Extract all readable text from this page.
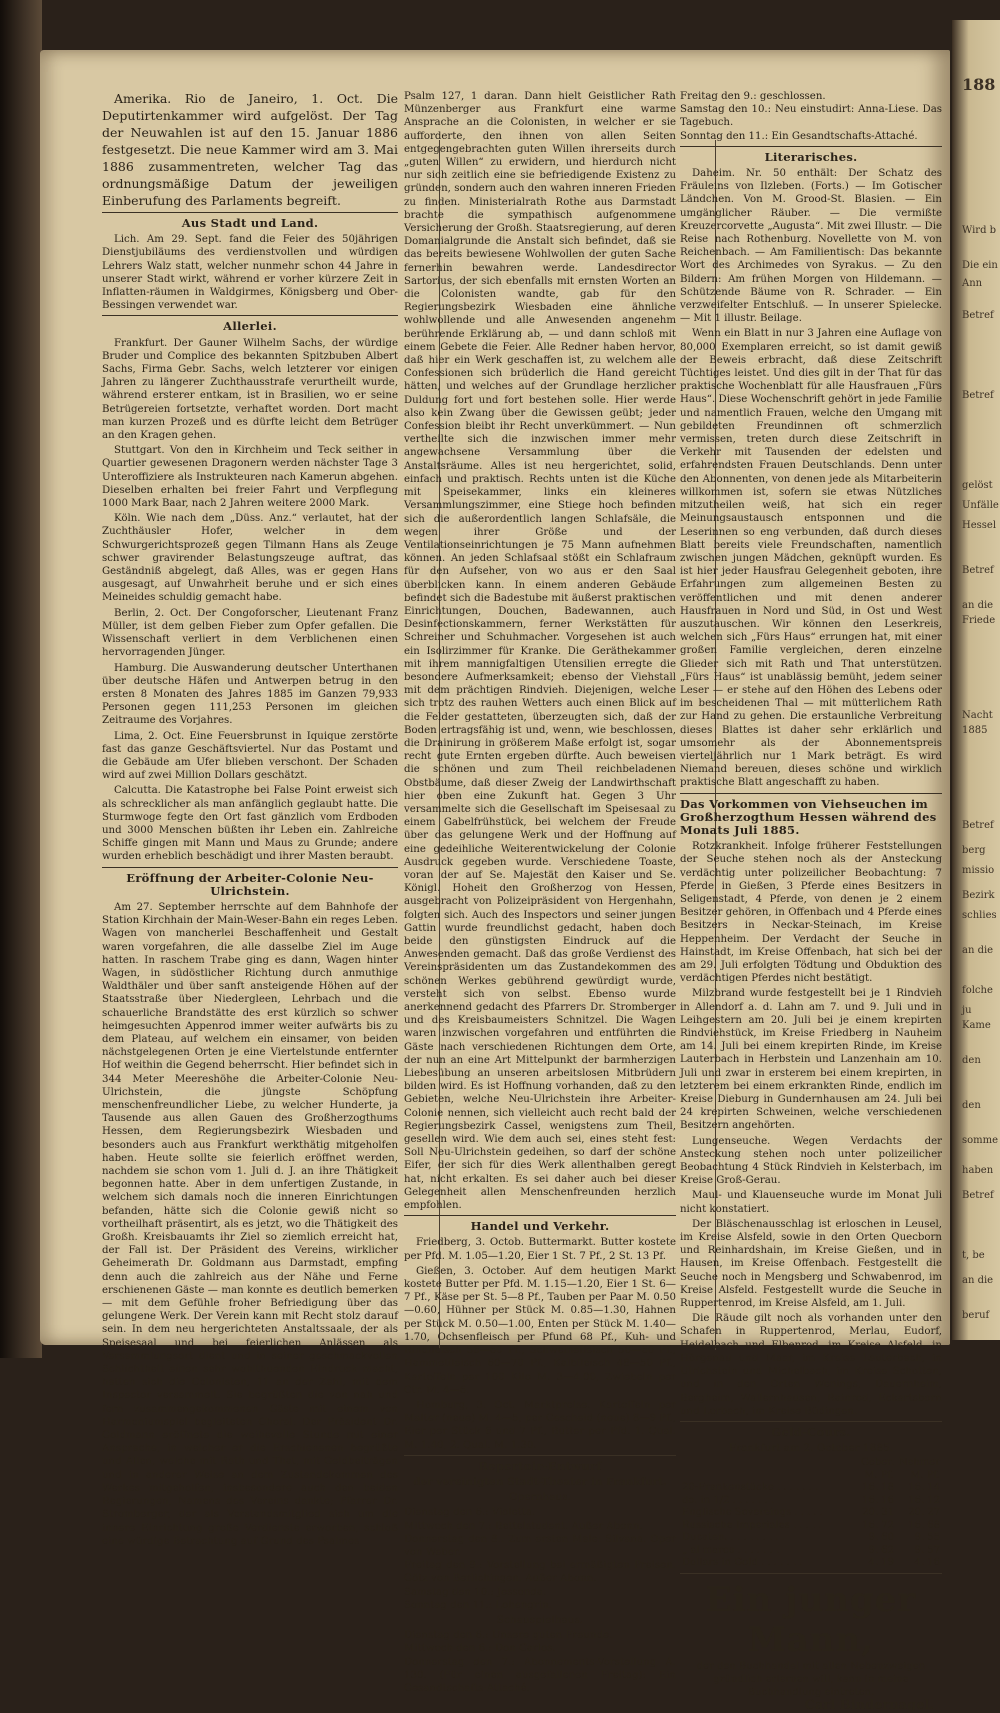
188
Wird b
Die ein
Ann
Betref
Betref
gelöst
Unfälle
Hessel
Betref
an die
Friede
Nacht
1885
Betref
berg
missio
Bezirk
schlies
an die
folche
ju
Kame
den
den
somme
haben
Betref
t, be
an die
beruf

Amerika. Rio de Janeiro, 1. Oct. Die Deputirtenkammer wird aufgelöst. Der Tag der Neuwahlen ist auf den 15. Januar 1886 festgesetzt. Die neue Kammer wird am 3. Mai 1886 zusammentreten, welcher Tag das ordnungsmäßige Datum der jeweiligen Einberufung des Parlaments begreift.

Aus Stadt und Land.

Lich. Am 29. Sept. fand die Feier des 50jährigen Dienstjubiläums des verdienstvollen und würdigen Lehrers Walz statt, welcher nunmehr schon 44 Jahre in unserer Stadt wirkt, während er vorher kürzere Zeit in Inflatten-räumen in Waldgirmes, Königsberg und Ober-Bessingen verwendet war.

Allerlei.

Frankfurt. Der Gauner Wilhelm Sachs, der würdige Bruder und Complice des bekannten Spitzbuben Albert Sachs, Firma Gebr. Sachs, welch letzterer vor einigen Jahren zu längerer Zuchthausstrafe verurtheilt wurde, während ersterer entkam, ist in Brasilien, wo er seine Betrügereien fortsetzte, verhaftet worden. Dort macht man kurzen Prozeß und es dürfte leicht dem Betrüger an den Kragen gehen.

Stuttgart. Von den in Kirchheim und Teck seither in Quartier gewesenen Dragonern werden nächster Tage 3 Unteroffiziere als Instrukteuren nach Kamerun abgehen. Dieselben erhalten bei freier Fahrt und Verpflegung 1000 Mark Baar, nach 2 Jahren weitere 2000 Mark.

Köln. Wie nach dem „Düss. Anz.“ verlautet, hat der Zuchthäusler Hofer, welcher in dem Schwurgerichtsprozeß gegen Tilmann Hans als Zeuge schwer gravirender Belastungszeuge auftrat, das Geständniß abgelegt, daß Alles, was er gegen Hans ausgesagt, auf Unwahrheit beruhe und er sich eines Meineides schuldig gemacht habe.

Berlin, 2. Oct. Der Congoforscher, Lieutenant Franz Müller, ist dem gelben Fieber zum Opfer gefallen. Die Wissenschaft verliert in dem Verblichenen einen hervorragenden Jünger.

Hamburg. Die Auswanderung deutscher Unterthanen über deutsche Häfen und Antwerpen betrug in den ersten 8 Monaten des Jahres 1885 im Ganzen 79,933 Personen gegen 111,253 Personen im gleichen Zeitraume des Vorjahres.

Lima, 2. Oct. Eine Feuersbrunst in Iquique zerstörte fast das ganze Geschäftsviertel. Nur das Postamt und die Gebäude am Ufer blieben verschont. Der Schaden wird auf zwei Million Dollars geschätzt.

Calcutta. Die Katastrophe bei False Point erweist sich als schrecklicher als man anfänglich geglaubt hatte. Die Sturmwoge fegte den Ort fast gänzlich vom Erdboden und 3000 Menschen büßten ihr Leben ein. Zahlreiche Schiffe gingen mit Mann und Maus zu Grunde; andere wurden erheblich beschädigt und ihrer Masten beraubt.

Eröffnung der Arbeiter-Colonie Neu-Ulrichstein.

Am 27. September herrschte auf dem Bahnhofe der Station Kirchhain der Main-Weser-Bahn ein reges Leben. Wagen von mancherlei Beschaffenheit und Gestalt waren vorgefahren, die alle dasselbe Ziel im Auge hatten. In raschem Trabe ging es dann, Wagen hinter Wagen, in südöstlicher Richtung durch anmuthige Waldthäler und über sanft ansteigende Höhen auf der Staatsstraße über Niedergleen, Lehrbach und die schauerliche Brandstätte des erst kürzlich so schwer heimgesuchten Appenrod immer weiter aufwärts bis zu dem Plateau, auf welchem ein einsamer, von beiden nächstgelegenen Orten je eine Viertelstunde entfernter Hof weithin die Gegend beherrscht. Hier befindet sich in 344 Meter Meereshöhe die Arbeiter-Colonie Neu-Ulrichstein, die jüngste Schöpfung menschenfreundlicher Liebe, zu welcher Hunderte, ja Tausende aus allen Gauen des Großherzogthums Hessen, dem Regierungsbezirk Wiesbaden und besonders auch aus Frankfurt werkthätig mitgeholfen haben. Heute sollte sie feierlich eröffnet werden, nachdem sie schon vom 1. Juli d. J. an ihre Thätigkeit begonnen hatte. Aber in dem unfertigen Zustande, in welchem sich damals noch die inneren Einrichtungen befanden, hätte sich die Colonie gewiß nicht so vortheilhaft präsentirt, als es jetzt, wo die Thätigkeit des Großh. Kreisbauamts ihr Ziel so ziemlich erreicht hat, der Fall ist. Der Präsident des Vereins, wirklicher Geheimerath Dr. Goldmann aus Darmstadt, empfing denn auch die zahlreich aus der Nähe und Ferne erschienenen Gäste — man konnte es deutlich bemerken — mit dem Gefühle froher Befriedigung über das gelungene Werk. Der Verein kann mit Recht stolz darauf sein. In dem neu hergerichteten Anstaltssaale, der als Speisesaal und bei feierlichen Anlässen als Versammlungsort dient und in seiner geschmackvollen Schlichtheit einen sehr wohlthuenden Eindruck macht, hatten sich die Colonisten, 11 an der Zahl, mit dem Inspector versammelt. Sie begrüßten die von nah und fern zusammengekommenen Gäste mit einem von Harmoniumspiel begleiteten Choral. Der Präsident Dr. Goldmann eröffnete die weihevolle Stunde mit einer Ansprache, in welcher er die Erschienenen begrüßte und Allen, welche mit Rath und That, mit Geldbeiträgen und in anderer Weise an dem Zustandekommen des Werkes mitgeholfen, insbesondere auch den beiden Regierungen, Namens des Vereins dankte; Pfarrer Dr. Stromberger, der als Vorstandsmitglied sich um die innere Einrichtung große Verdienste erworben, schloß eine würdige Betrachtung auf Grund des Psalmes

Psalm 127, 1 daran. Dann hielt Geistlicher Rath Münzenberger aus Frankfurt eine warme Ansprache an die Colonisten, in welcher er sie aufforderte, den ihnen von allen Seiten entgegengebrachten guten Willen ihrerseits durch „guten Willen“ zu erwidern, und hierdurch nicht nur sich zeitlich eine sie befriedigende Existenz zu gründen, sondern auch den wahren inneren Frieden zu finden. Ministerialrath Rothe aus Darmstadt brachte die sympathisch aufgenommene Versicherung der Großh. Staatsregierung, auf deren Domanialgrunde die Anstalt sich befindet, daß sie das bereits bewiesene Wohlwollen der guten Sache fernerhin bewahren werde. Landesdirector Sartorius, der sich ebenfalls mit ernsten Worten an die Colonisten wandte, gab für den Regierungsbezirk Wiesbaden eine ähnliche wohlwollende und alle Anwesenden angenehm berührende Erklärung ab, — und dann schloß mit einem Gebete die Feier. Alle Redner haben hervor, daß hier ein Werk geschaffen ist, zu welchem alle Confessionen sich brüderlich die Hand gereicht hätten, und welches auf der Grundlage herzlicher Duldung fort und fort bestehen solle. Hier werde also kein Zwang über die Gewissen geübt; jeder Confession bleibt ihr Recht unverkümmert. — Nun vertheilte sich die inzwischen immer mehr angewachsene Versammlung über die Anstaltsräume. Alles ist neu hergerichtet, solid, einfach und praktisch. Rechts unten ist die Küche mit Speisekammer, links ein kleineres Versammlungszimmer, eine Stiege hoch befinden sich die außerordentlich langen Schlafsäle, die wegen ihrer Größe und der Ventilationseinrichtungen je 75 Mann aufnehmen können. An jeden Schlafsaal stößt ein Schlafraum für den Aufseher, von wo aus er den Saal überblicken kann. In einem anderen Gebäude befindet sich die Badestube mit äußerst praktischen Einrichtungen, Douchen, Badewannen, auch Desinfectionskammern, ferner Werkstätten für Schreiner und Schuhmacher. Vorgesehen ist auch ein Isolirzimmer für Kranke. Die Geräthekammer mit ihrem mannigfaltigen Utensilien erregte die besondere Aufmerksamkeit; ebenso der Viehstall mit dem prächtigen Rindvieh. Diejenigen, welche sich trotz des rauhen Wetters auch einen Blick auf die Felder gestatteten, überzeugten sich, daß der Boden ertragsfähig ist und, wenn, wie beschlossen, die Drainirung in größerem Maße erfolgt ist, sogar recht gute Ernten ergeben dürfte. Auch beweisen die schönen und zum Theil reichbeladenen Obstbäume, daß dieser Zweig der Landwirthschaft hier oben eine Zukunft hat. Gegen 3 Uhr versammelte sich die Gesellschaft im Speisesaal zu einem Gabelfrühstück, bei welchem der Freude über das gelungene Werk und der Hoffnung auf eine gedeihliche Weiterentwickelung der Colonie Ausdruck gegeben wurde. Verschiedene Toaste, voran der auf Se. Majestät den Kaiser und Se. Königl. Hoheit den Großherzog von Hessen, ausgebracht von Polizeipräsident von Hergenhahn, folgten sich. Auch des Inspectors und seiner jungen Gattin wurde freundlichst gedacht, haben doch beide den günstigsten Eindruck auf die Anwesenden gemacht. Daß das große Verdienst des Vereinspräsidenten um das Zustandekommen des schönen Werkes gebührend gewürdigt wurde, versteht sich von selbst. Ebenso wurde anerkennend gedacht des Pfarrers Dr. Stromberger und des Kreisbaumeisters Schnitzel. Die Wagen waren inzwischen vorgefahren und entführten die Gäste nach verschiedenen Richtungen dem Orte, der nun an eine Art Mittelpunkt der barmherzigen Liebesübung an unseren arbeitslosen Mitbrüdern bilden wird. Es ist Hoffnung vorhanden, daß zu den Gebieten, welche Neu-Ulrichstein ihre Arbeiter-Colonie nennen, sich vielleicht auch recht bald der Regierungsbezirk Cassel, wenigstens zum Theil, gesellen wird. Wie dem auch sei, eines steht fest: Soll Neu-Ulrichstein gedeihen, so darf der schöne Eifer, der sich für dies Werk allenthalben geregt hat, nicht erkalten. Es sei daher auch bei dieser Gelegenheit allen Menschenfreunden herzlich empfohlen.

Handel und Verkehr.

Friedberg, 3. Octob. Buttermarkt. Butter kostete per Pfd. M. 1.05—1.20, Eier 1 St. 7 Pf., 2 St. 13 Pf.

Gießen, 3. October. Auf dem heutigen Markt kostete Butter per Pfd. M. 1.15—1.20, Eier 1 St. 6—7 Pf., Käse per St. 5—8 Pf., Tauben per Paar M. 0.50—0.60, Hühner per Stück M. 0.85—1.30, Hahnen per Stück M. 0.50—1.00, Enten per Stück M. 1.40—1.70, Ochsenfleisch per Pfund 68 Pf., Kuh- und Rindfleisch 56—60 Pf., Schweinefleisch 50—60 Pf., Hammelfleisch 60—70 Pf., Kalbfleisch 48—50 Pf., Kartoffeln per 100 Kilo M. 3—4.00, Zwiebeln per Ctr. M. 4—6.

Homburg, 3. Oct. Marktpreise. Kartoffeln per Malter (neue) M. 4—5, per Gescheid (neue) 8—9 Pf., Eier per Stück 6 und 7 Pf., Butter per Pfd. 1. Qual. M. 1.40, 2. Qual. M. 1.30.

Repertoir-Entwurf
der vereinigten Stadt-Theater in Frankfurt.
Opernhaus.
Dienstag den 6.: Violetta.
Mittwoch den 7.: Bettelstudent. Außer Abonn.
Donnerstag den 8.: Zum ersten Male: Silvana. Oper von Weber.
Freitag den 9.: Vorstellung bei ermäßigten Preisen. Götz von Berlichingen. Außer Abonn.
Samstag den 10.: Jessonda.
Sonntag den 11.: Lohengrin.
Schauspielhaus.
Dienstag den 6.: Unsere guten Freunde.
Mittwoch den 6.: Don Carlos.
Donnerstag den 7.: Abonnements-Vorstellung A. 130. (Für einen ausgefallenen Freitag): Ein Gesandtschafts-Attaché.
Freitag den 9.: geschlossen.
Samstag den 10.: Neu einstudirt: Anna-Liese. Das Tagebuch.
Sonntag den 11.: Ein Gesandtschafts-Attaché.
Literarisches.

Daheim. Nr. 50 enthält: Der Schatz des Fräuleins von Ilzleben. (Forts.) — Im Gotischer Ländchen. Von M. Grood-St. Blasien. — Ein umgänglicher Räuber. — Die vermißte Kreuzercorvette „Augusta“. Mit zwei Illustr. — Die Reise nach Rothenburg. Novellette von M. von Reichenbach. — Am Familientisch: Das bekannte Wort des Archimedes von Syrakus. — Zu den Bildern: Am frühen Morgen von Hildemann. — Schützende Bäume von R. Schrader. — Ein verzweifelter Entschluß. — In unserer Spielecke. — Mit 1 illustr. Beilage.

Wenn ein Blatt in nur 3 Jahren eine Auflage von 80,000 Exemplaren erreicht, so ist damit gewiß der Beweis erbracht, daß diese Zeitschrift Tüchtiges leistet. Und dies gilt in der That für das praktische Wochenblatt für alle Hausfrauen „Fürs Haus“. Diese Wochenschrift gehört in jede Familie und namentlich Frauen, welche den Umgang mit gebildeten Freundinnen oft schmerzlich vermissen, treten durch diese Zeitschrift in Verkehr mit Tausenden der edelsten und erfahrendsten Frauen Deutschlands. Denn unter den Abonnenten, von denen jede als Mitarbeiterin willkommen ist, sofern sie etwas Nützliches mitzutheilen weiß, hat sich ein reger Meinungsaustausch entsponnen und die Leserinnen so eng verbunden, daß durch dieses Blatt bereits viele Freundschaften, namentlich zwischen jungen Mädchen, geknüpft wurden. Es ist hier jeder Hausfrau Gelegenheit geboten, ihre Erfahrungen zum allgemeinen Besten zu veröffentlichen und mit denen anderer Hausfrauen in Nord und Süd, in Ost und West auszutauschen. Wir können den Leserkreis, welchen sich „Fürs Haus“ errungen hat, mit einer großen Familie vergleichen, deren einzelne Glieder sich mit Rath und That unterstützen. „Fürs Haus“ ist unablässig bemüht, jedem seiner Leser — er stehe auf den Höhen des Lebens oder im bescheidenen Thal — mit mütterlichem Rath zur Hand zu gehen. Die erstaunliche Verbreitung dieses Blattes ist daher sehr erklärlich und umsomehr als der Abonnementspreis vierteljährlich nur 1 Mark beträgt. Es wird Niemand bereuen, dieses schöne und wirklich praktische Blatt angeschafft zu haben.

Das Vorkommen von Viehseuchen im Großherzogthum Hessen während des Monats Juli 1885.

Rotzkrankheit. Infolge früherer Feststellungen der Seuche stehen noch als der Ansteckung verdächtig unter polizeilicher Beobachtung: 7 Pferde in Gießen, 3 Pferde eines Besitzers in Seligenstadt, 4 Pferde, von denen je 2 einem Besitzer gehören, in Offenbach und 4 Pferde eines Besitzers in Neckar-Steinach, im Kreise Heppenheim. Der Verdacht der Seuche in Hainstadt, im Kreise Offenbach, hat sich bei der am 29. Juli erfolgten Tödtung und Obduktion des verdächtigen Pferdes nicht bestätigt.

Milzbrand wurde festgestellt bei je 1 Rindvieh in Allendorf a. d. Lahn am 7. und 9. Juli und in Leihgestern am 20. Juli bei je einem krepirten Rindviehstück, im Kreise Friedberg in Nauheim am 14. Juli bei einem krepirten Rinde, im Kreise Lauterbach in Herbstein und Lanzenhain am 10. Juli und zwar in ersterem bei einem krepirten, in letzterem bei einem erkrankten Rinde, endlich im Kreise Dieburg in Gundernhausen am 24. Juli bei 24 krepirten Schweinen, welche verschiedenen Besitzern angehörten.

Lungenseuche. Wegen Verdachts der Ansteckung stehen noch unter polizeilicher Beobachtung 4 Stück Rindvieh in Kelsterbach, im Kreise Groß-Gerau.

Maul- und Klauenseuche wurde im Monat Juli nicht konstatiert.

Der Bläschenausschlag ist erloschen in Leusel, im Kreise Alsfeld, sowie in den Orten Quecborn und Reinhardshain, im Kreise Gießen, und in Hausen, im Kreise Offenbach. Festgestellt die Seuche noch in Mengsberg und Schwabenrod, im Kreise Alsfeld. Festgestellt wurde die Seuche in Ruppertenrod, im Kreise Alsfeld, am 1. Juli.

Die Räude gilt noch als vorhanden unter den Schafen in Ruppertenrod, Merlau, Eudorf, Heidelbach und Elbenrod, im Kreise Alsfeld, in Hörgenau und Maar, im Kreise Lauterbach, in Ulrichstein und Michelbach, im Kreise Schotten, und in den Orten Wenings, Dauernheim, Bergheim, Wallernhausen, Rainrod, Eckartsborn und Lorbach, im Kreise Büdingen.

Geld-Cours.
Frankfurt am 2. October 1885.
	Geber.	Nehmer
	M. Pf.	M. Pf.
20-Frankenstücke . . . . . . .	16. 18	16. 14
do. in 1/2 . . . . . . .	16. 16	16. 12
Englische Sovereings . . . . .	20. 31	20. 27
Russische Imperiales . . . . .	16. 72	16. 68
Ducaten. . . . . . . . . .	9. 60	9. 55
„ al marco . . . . . . .	9. 62	9. 57
Dollars in Gold . . . . . . .	4. 19	4. 16
Ein junger Mann,
der den Buchhandel mit allen Nebenzweigen gründlich erlernen will, kann in meine Buchhandlung eintreten.
Carl Bindernagel.
